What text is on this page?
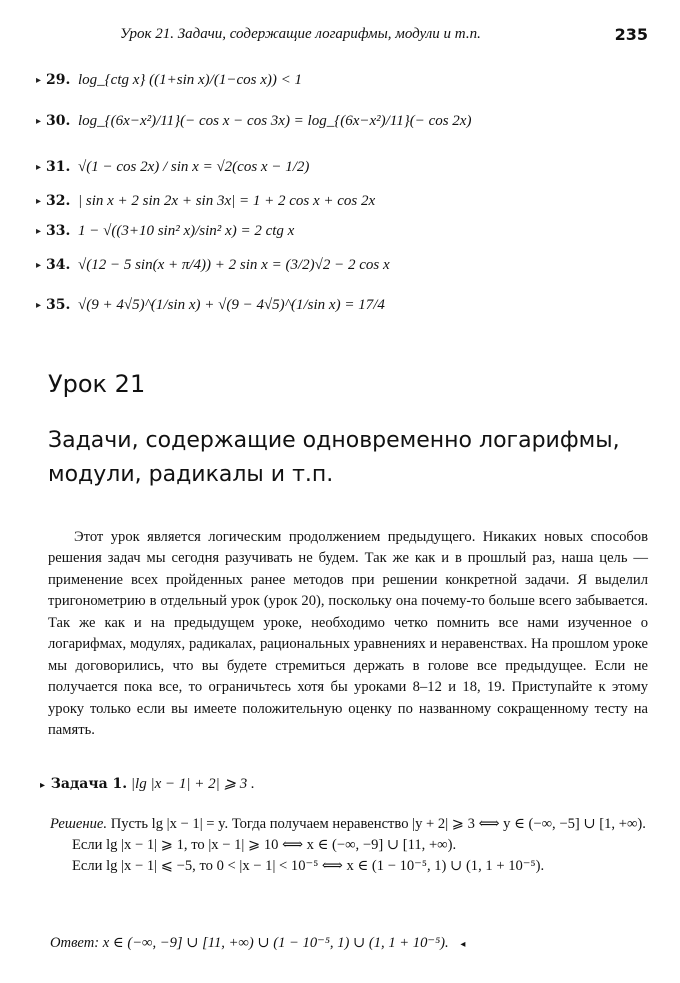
Урок 21. Задачи, содержащие логарифмы, модули и т.п.	235
▸ 29. log_{ctg x} ((1+sin x)/(1−cos x)) < 1
▸ 30. log_{(6x−x²)/11}(− cos x − cos 3x) = log_{(6x−x²)/11}(− cos 2x)
▸ 31. √(1 − cos 2x) / sin x = √2(cos x − 1/2)
▸ 32. | sin x + 2 sin 2x + sin 3x| = 1 + 2 cos x + cos 2x
▸ 33. 1 − √((3+10 sin² x)/sin² x) = 2 ctg x
▸ 34. √(12 − 5 sin(x + π/4)) + 2 sin x = (3/2)√2 − 2 cos x
▸ 35. √(9 + 4√5)^(1/sin x) + √(9 − 4√5)^(1/sin x) = 17/4
Урок 21
Задачи, содержащие одновременно логарифмы, модули, радикалы и т.п.

Этот урок является логическим продолжением предыдущего. Никаких новых способов решения задач мы сегодня разучивать не будем. Так же как и в прошлый раз, наша цель — применение всех пройденных ранее методов при решении конкретной задачи. Я выделил тригонометрию в отдельный урок (урок 20), поскольку она почему-то больше всего забывается. Так же как и на предыдущем уроке, необходимо четко помнить все нами изученное о логарифмах, модулях, радикалах, рациональных уравнениях и неравенствах. На прошлом уроке мы договорились, что вы будете стремиться держать в голове все предыдущее. Если не получается пока все, то ограничьтесь хотя бы уроками 8–12 и 18, 19. Приступайте к этому уроку только если вы имеете положительную оценку по названному сокращенному тесту на память.

▸ Задача 1. |lg |x − 1| + 2| ⩾ 3 .

Решение. Пусть lg |x − 1| = y. Тогда получаем неравенство |y + 2| ⩾ 3 ⟺ y ∈ (−∞, −5] ∪ [1, +∞).

Если lg |x − 1| ⩾ 1, то |x − 1| ⩾ 10 ⟺ x ∈ (−∞, −9] ∪ [11, +∞).

Если lg |x − 1| ⩽ −5, то 0 < |x − 1| < 10⁻⁵ ⟺ x ∈ (1 − 10⁻⁵, 1) ∪ (1, 1 + 10⁻⁵).

Ответ: x ∈ (−∞, −9] ∪ [11, +∞) ∪ (1 − 10⁻⁵, 1) ∪ (1, 1 + 10⁻⁵). ◂
